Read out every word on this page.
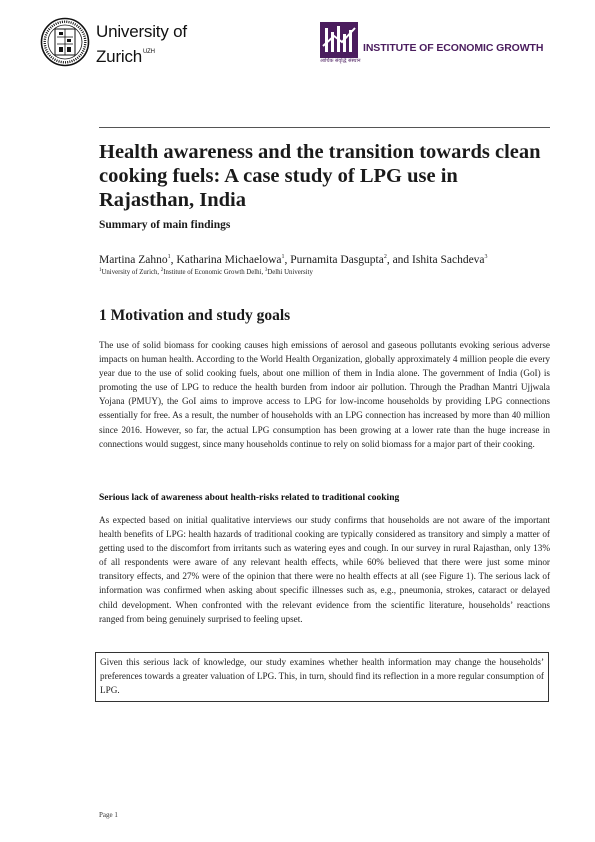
University of
Zurich$^{UZH}$	INSTITUTE OF ECONOMIC GROWTH
आर्थिक संवृद्धि संस्थान
Health awareness and the transition towards clean cooking fuels: A case study of LPG use in Rajasthan, India
Summary of main findings
Martina Zahno$^1$, Katharina Michaelowa$^1$, Purnamita Dasgupta$^2$, and Ishita Sachdeva$^3$
$^1$University of Zurich, $^2$Institute of Economic Growth Delhi, $^3$Delhi University
1 Motivation and study goals

The use of solid biomass for cooking causes high emissions of aerosol and gaseous pollutants evoking serious adverse impacts on human health. According to the World Health Organization, globally approximately 4 million people die every year due to the use of solid cooking fuels, about one million of them in India alone. The government of India (GoI) is promoting the use of LPG to reduce the health burden from indoor air pollution. Through the Pradhan Mantri Ujjwala Yojana (PMUY), the GoI aims to improve access to LPG for low-income households by providing LPG connections essentially for free. As a result, the number of households with an LPG connection has increased by more than 40 million since 2016. However, so far, the actual LPG consumption has been growing at a lower rate than the huge increase in connections would suggest, since many households continue to rely on solid biomass for a major part of their cooking.

Serious lack of awareness about health-risks related to traditional cooking

As expected based on initial qualitative interviews our study confirms that households are not aware of the important health benefits of LPG: health hazards of traditional cooking are typically considered as transitory and simply a matter of getting used to the discomfort from irritants such as watering eyes and cough. In our survey in rural Rajasthan, only 13% of all respondents were aware of any relevant health effects, while 60% believed that there were just some minor transitory effects, and 27% were of the opinion that there were no health effects at all (see Figure 1). The serious lack of information was confirmed when asking about specific illnesses such as, e.g., pneumonia, strokes, cataract or delayed child development. When confronted with the relevant evidence from the scientific literature, households’ reactions ranged from being genuinely surprised to feeling upset.

Given this serious lack of knowledge, our study examines whether health information may change the households’ preferences towards a greater valuation of LPG. This, in turn, should find its reflection in a more regular consumption of LPG.
Page 1
